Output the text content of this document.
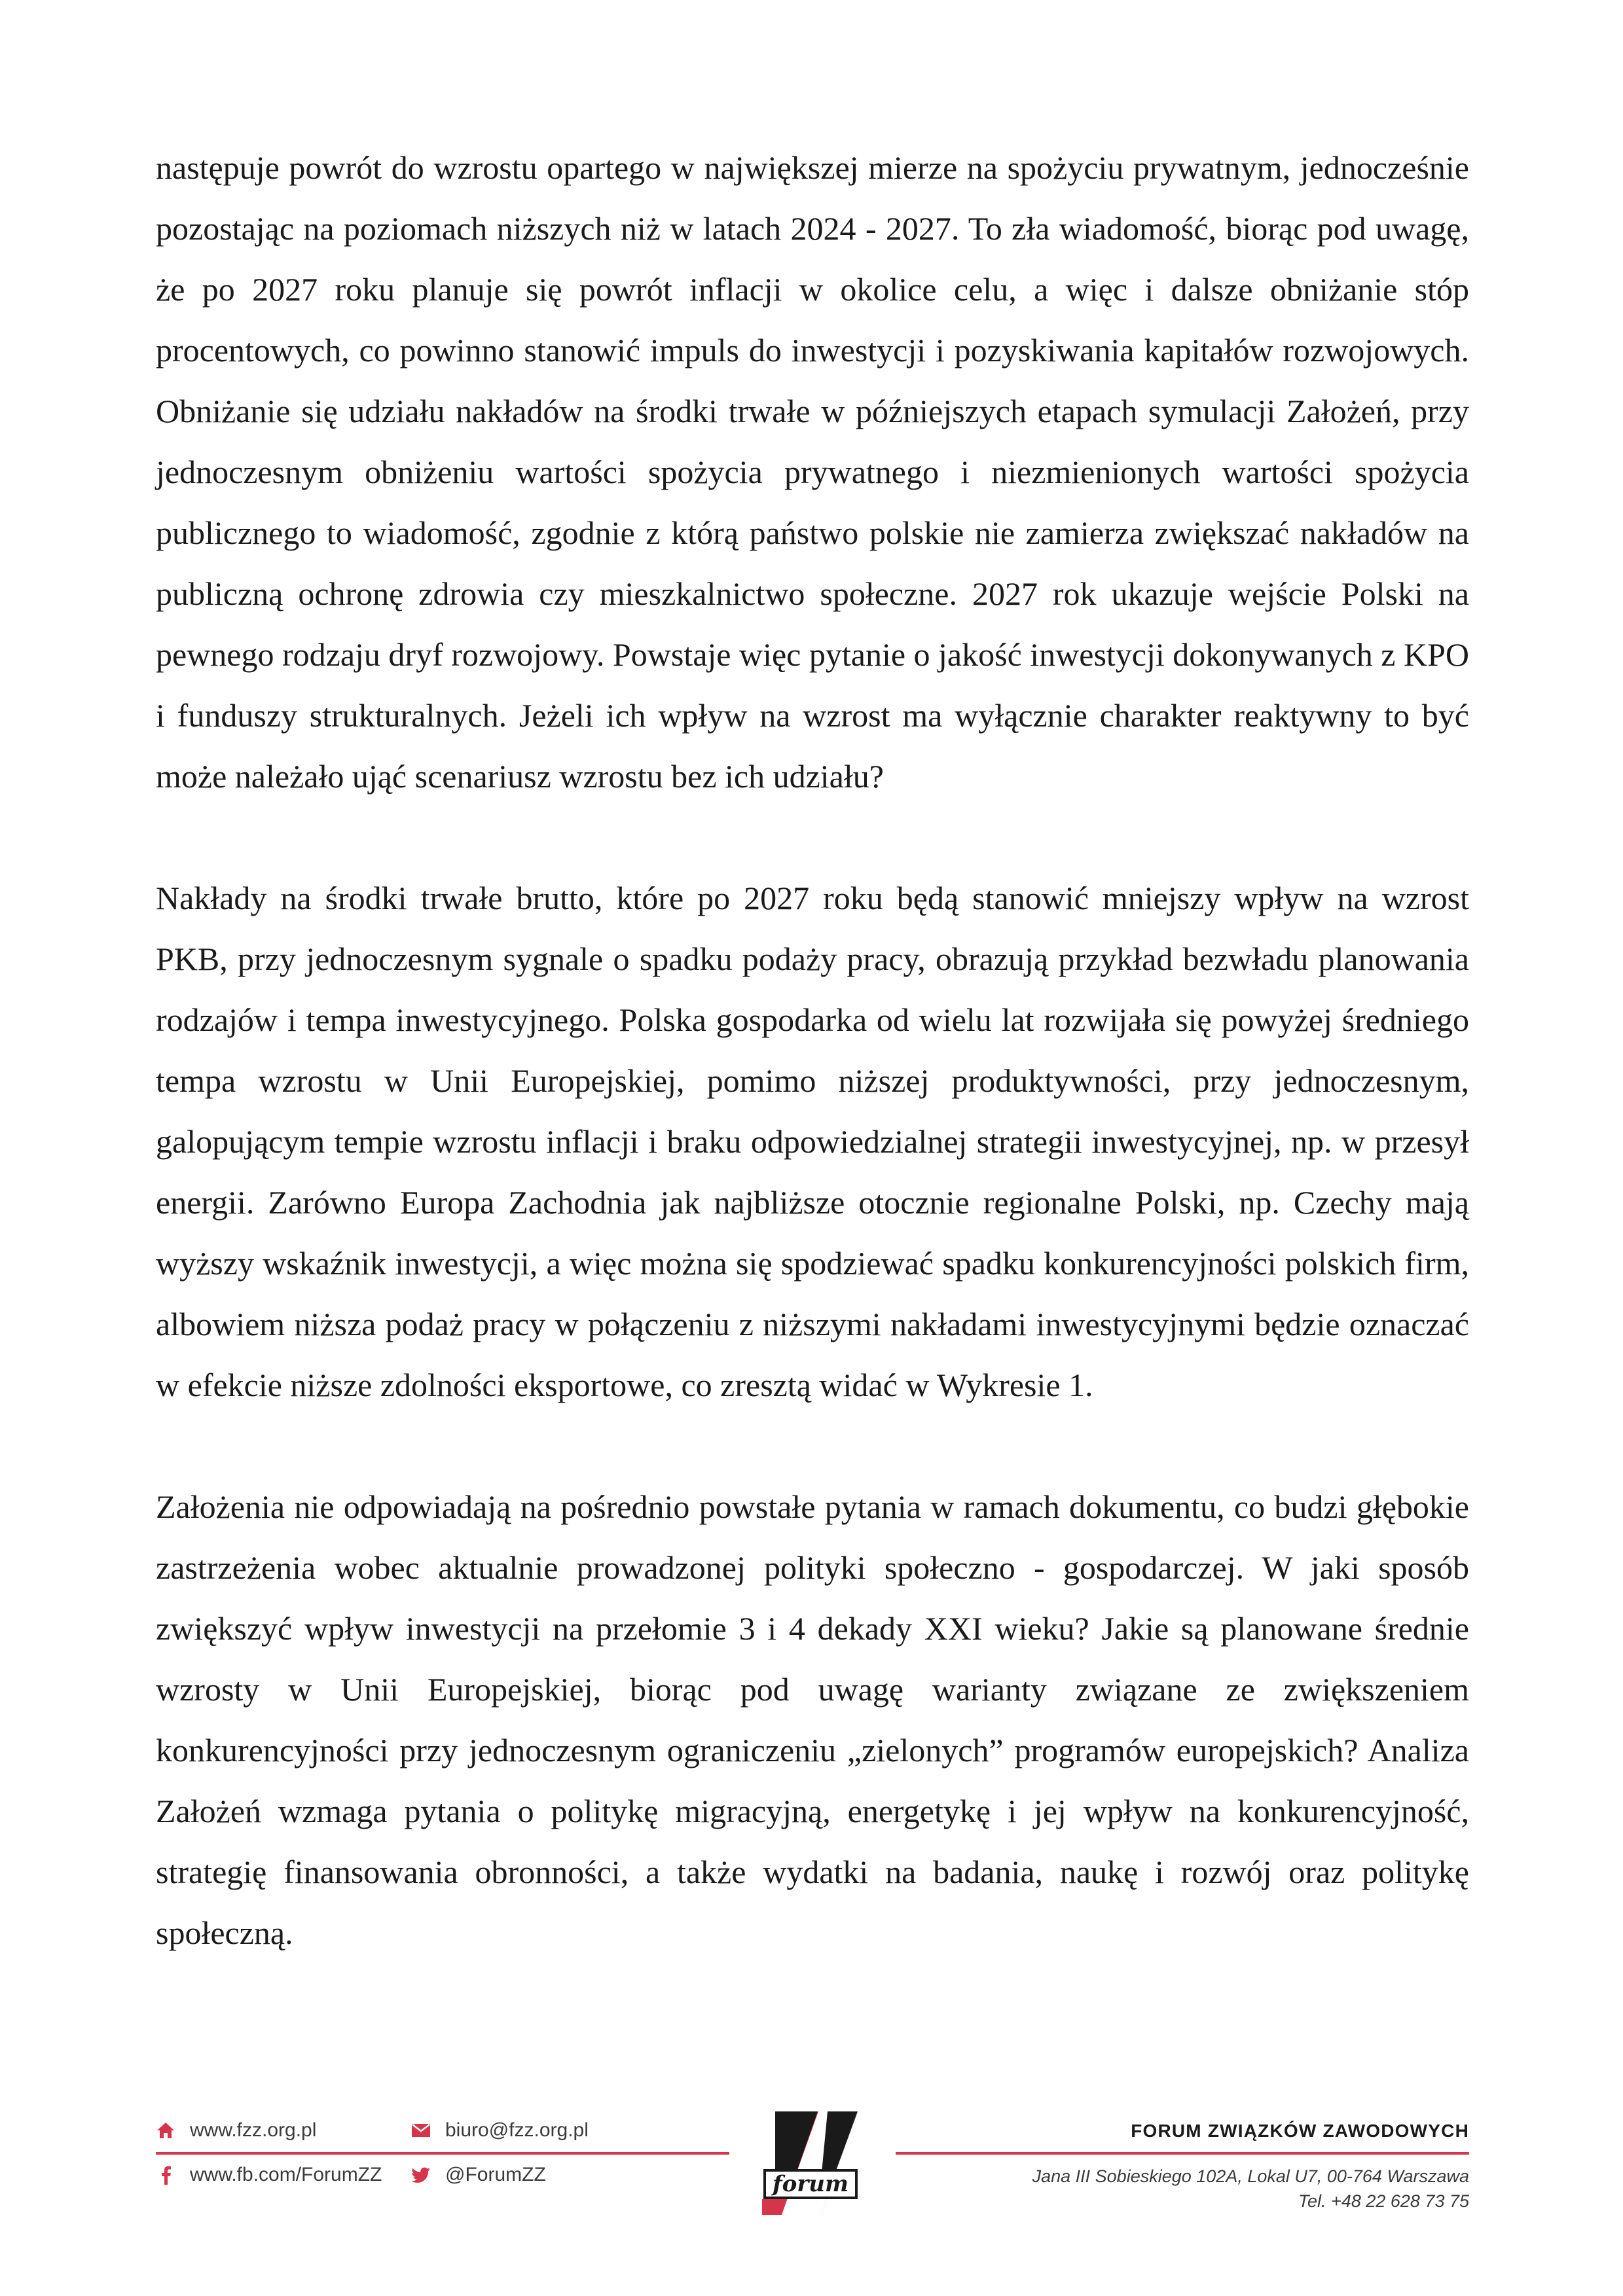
następuje powrót do wzrostu opartego w największej mierze na spożyciu prywatnym, jednocześnie pozostając na poziomach niższych niż w latach 2024 - 2027. To zła wiadomość, biorąc pod uwagę, że po 2027 roku planuje się powrót inflacji w okolice celu, a więc i dalsze obniżanie stóp procentowych, co powinno stanowić impuls do inwestycji i pozyskiwania kapitałów rozwojowych. Obniżanie się udziału nakładów na środki trwałe w późniejszych etapach symulacji Założeń, przy jednoczesnym obniżeniu wartości spożycia prywatnego i niezmienionych wartości spożycia publicznego to wiadomość, zgodnie z którą państwo polskie nie zamierza zwiększać nakładów na publiczną ochronę zdrowia czy mieszkalnictwo społeczne. 2027 rok ukazuje wejście Polski na pewnego rodzaju dryf rozwojowy. Powstaje więc pytanie o jakość inwestycji dokonywanych z KPO i funduszy strukturalnych. Jeżeli ich wpływ na wzrost ma wyłącznie charakter reaktywny to być może należało ująć scenariusz wzrostu bez ich udziału?

Nakłady na środki trwałe brutto, które po 2027 roku będą stanowić mniejszy wpływ na wzrost PKB, przy jednoczesnym sygnale o spadku podaży pracy, obrazują przykład bezwładu planowania rodzajów i tempa inwestycyjnego. Polska gospodarka od wielu lat rozwijała się powyżej średniego tempa wzrostu w Unii Europejskiej, pomimo niższej produktywności, przy jednoczesnym, galopującym tempie wzrostu inflacji i braku odpowiedzialnej strategii inwestycyjnej, np. w przesył energii. Zarówno Europa Zachodnia jak najbliższe otocznie regionalne Polski, np. Czechy mają wyższy wskaźnik inwestycji, a więc można się spodziewać spadku konkurencyjności polskich firm, albowiem niższa podaż pracy w połączeniu z niższymi nakładami inwestycyjnymi będzie oznaczać w efekcie niższe zdolności eksportowe, co zresztą widać w Wykresie 1.

Założenia nie odpowiadają na pośrednio powstałe pytania w ramach dokumentu, co budzi głębokie zastrzeżenia wobec aktualnie prowadzonej polityki społeczno - gospodarczej. W jaki sposób zwiększyć wpływ inwestycji na przełomie 3 i 4 dekady XXI wieku? Jakie są planowane średnie wzrosty w Unii Europejskiej, biorąc pod uwagę warianty związane ze zwiększeniem konkurencyjności przy jednoczesnym ograniczeniu „zielonych” programów europejskich? Analiza Założeń wzmaga pytania o politykę migracyjną, energetykę i jej wpływ na konkurencyjność, strategię finansowania obronności, a także wydatki na badania, naukę i rozwój oraz politykę społeczną.

www.fzz.org.pl	biuro@fzz.org.pl
www.fb.com/ForumZZ	@ForumZZ	forum
FORUM ZWIĄZKÓW ZAWODOWYCH
Jana III Sobieskiego 102A, Lokal U7, 00-764 Warszawa
Tel. +48 22 628 73 75
